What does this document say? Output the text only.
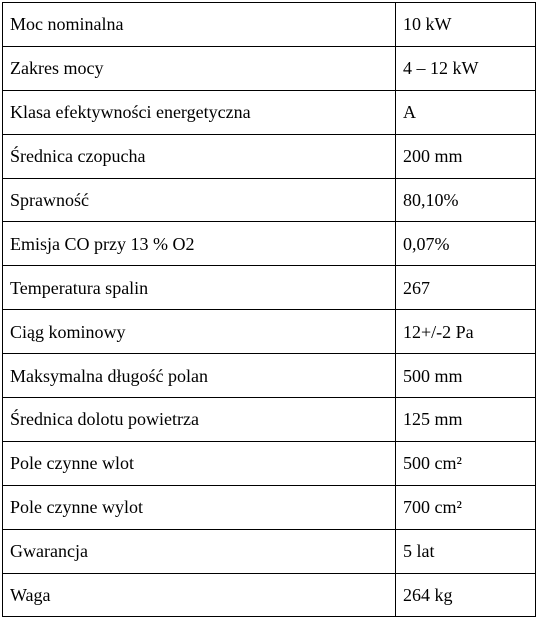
Moc nominalna	10 kW
Zakres mocy	4 – 12 kW
Klasa efektywności energetyczna	A
Średnica czopucha	200 mm
Sprawność	80,10%
Emisja CO przy 13 % O2	0,07%
Temperatura spalin	267
Ciąg kominowy	12+/-2 Pa
Maksymalna długość polan	500 mm
Średnica dolotu powietrza	125 mm
Pole czynne wlot	500 cm²
Pole czynne wylot	700 cm²
Gwarancja	5 lat
Waga	264 kg
